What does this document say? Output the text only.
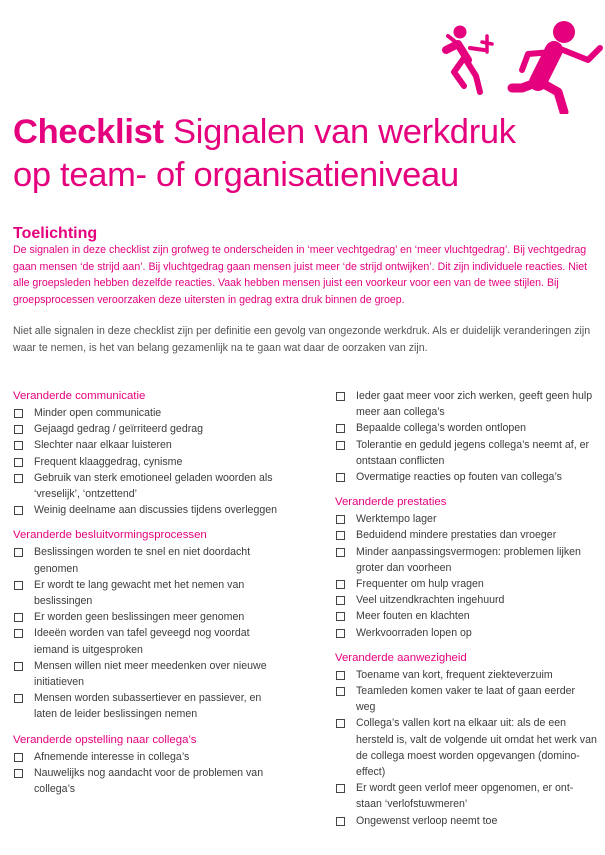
Checklist Signalen van werkdruk
op team- of organisatieniveau
Toelichting

De signalen in deze checklist zijn grofweg te onderscheiden in ‘meer vechtgedrag’ en ‘meer vluchtgedrag’. Bij vechtgedrag gaan mensen ‘de strijd aan’. Bij vluchtgedrag gaan mensen juist meer ‘de strijd ontwijken’. Dit zijn individuele reacties. Niet alle groepsleden hebben dezelfde reacties. Vaak hebben mensen juist een voorkeur voor een van de twee stijlen. Bij groepsprocessen veroorzaken deze uitersten in gedrag extra druk binnen de groep.

Niet alle signalen in deze checklist zijn per definitie een gevolg van ongezonde werkdruk. Als er duidelijk veranderingen zijn waar te nemen, is het van belang gezamenlijk na te gaan wat daar de oorzaken van zijn.

Veranderde communicatie
Minder open communicatie
Gejaagd gedrag / geïrriteerd gedrag
Slechter naar elkaar luisteren
Frequent klaaggedrag, cynisme
Gebruik van sterk emotioneel geladen woorden als ‘vreselijk’, ‘ontzettend’
Weinig deelname aan discussies tijdens overleggen
Veranderde besluitvormingsprocessen
Beslissingen worden te snel en niet doordacht genomen
Er wordt te lang gewacht met het nemen van beslissingen
Er worden geen beslissingen meer genomen
Ideeën worden van tafel geveegd nog voordat iemand is uitgesproken
Mensen willen niet meer meedenken over nieuwe initiatieven
Mensen worden subassertiever en passiever, en laten de leider beslissingen nemen
Veranderde opstelling naar collega’s
Afnemende interesse in collega’s
Nauwelijks nog aandacht voor de problemen van collega’s
Ieder gaat meer voor zich werken, geeft geen hulp meer aan collega’s
Bepaalde collega’s worden ontlopen
Tolerantie en geduld jegens collega’s neemt af, er ontstaan conflicten
Overmatige reacties op fouten van collega’s
Veranderde prestaties
Werktempo lager
Beduidend mindere prestaties dan vroeger
Minder aanpassingsvermogen: problemen lijken groter dan voorheen
Frequenter om hulp vragen
Veel uitzendkrachten ingehuurd
Meer fouten en klachten
Werkvoorraden lopen op
Veranderde aanwezigheid
Toename van kort, frequent ziekteverzuim
Teamleden komen vaker te laat of gaan eerder weg
Collega’s vallen kort na elkaar uit: als de een hersteld is, valt de volgende uit omdat het werk van de collega moest worden opgevangen (domino-effect)
Er wordt geen verlof meer opgenomen, er ont-staan ‘verlofstuwmeren’
Ongewenst verloop neemt toe
